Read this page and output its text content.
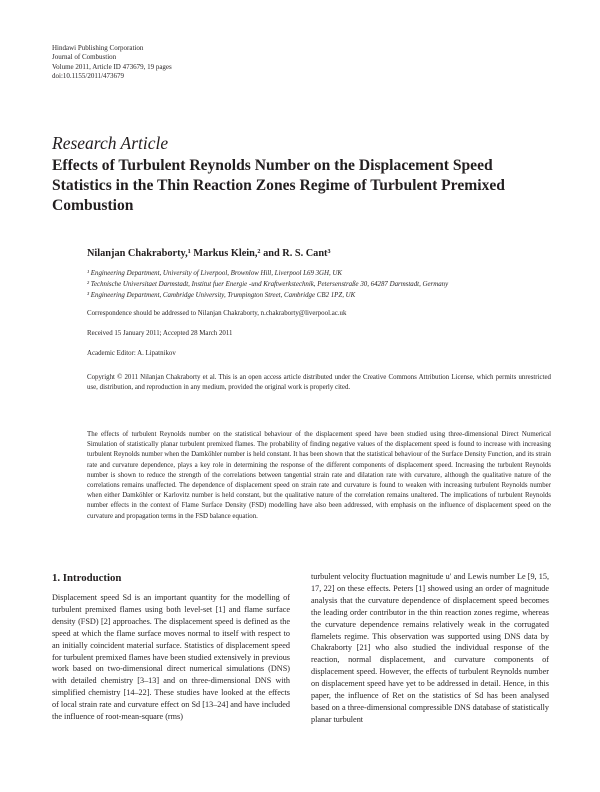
Hindawi Publishing Corporation
Journal of Combustion
Volume 2011, Article ID 473679, 19 pages
doi:10.1155/2011/473679
Research Article
Effects of Turbulent Reynolds Number on the Displacement Speed Statistics in the Thin Reaction Zones Regime of Turbulent Premixed Combustion
Nilanjan Chakraborty,¹ Markus Klein,² and R. S. Cant³
¹ Engineering Department, University of Liverpool, Brownlow Hill, Liverpool L69 3GH, UK
² Technische Universitaet Darmstadt, Institut fuer Energie -und Kraftwerkstechnik, Petersenstraße 30, 64287 Darmstadt, Germany
³ Engineering Department, Cambridge University, Trumpington Street, Cambridge CB2 1PZ, UK
Correspondence should be addressed to Nilanjan Chakraborty, n.chakraborty@liverpool.ac.uk
Received 15 January 2011; Accepted 28 March 2011
Academic Editor: A. Lipatnikov
Copyright © 2011 Nilanjan Chakraborty et al. This is an open access article distributed under the Creative Commons Attribution License, which permits unrestricted use, distribution, and reproduction in any medium, provided the original work is properly cited.
The effects of turbulent Reynolds number on the statistical behaviour of the displacement speed have been studied using three-dimensional Direct Numerical Simulation of statistically planar turbulent premixed flames. The probability of finding negative values of the displacement speed is found to increase with increasing turbulent Reynolds number when the Damköhler number is held constant. It has been shown that the statistical behaviour of the Surface Density Function, and its strain rate and curvature dependence, plays a key role in determining the response of the different components of displacement speed. Increasing the turbulent Reynolds number is shown to reduce the strength of the correlations between tangential strain rate and dilatation rate with curvature, although the qualitative nature of the correlations remains unaffected. The dependence of displacement speed on strain rate and curvature is found to weaken with increasing turbulent Reynolds number when either Damköhler or Karlovitz number is held constant, but the qualitative nature of the correlation remains unaltered. The implications of turbulent Reynolds number effects in the context of Flame Surface Density (FSD) modelling have also been addressed, with emphasis on the influence of displacement speed on the curvature and propagation terms in the FSD balance equation.
1. Introduction
Displacement speed Sd is an important quantity for the modelling of turbulent premixed flames using both level-set [1] and flame surface density (FSD) [2] approaches. The displacement speed is defined as the speed at which the flame surface moves normal to itself with respect to an initially coincident material surface. Statistics of displacement speed for turbulent premixed flames have been studied extensively in previous work based on two-dimensional direct numerical simulations (DNS) with detailed chemistry [3–13] and on three-dimensional DNS with simplified chemistry [14–22]. These studies have looked at the effects of local strain rate and curvature effect on Sd [13–24] and have included the influence of root-mean-square (rms)
turbulent velocity fluctuation magnitude u′ and Lewis number Le [9, 15, 17, 22] on these effects. Peters [1] showed using an order of magnitude analysis that the curvature dependence of displacement speed becomes the leading order contributor in the thin reaction zones regime, whereas the curvature dependence remains relatively weak in the corrugated flamelets regime. This observation was supported using DNS data by Chakraborty [21] who also studied the individual response of the reaction, normal displacement, and curvature components of displacement speed. However, the effects of turbulent Reynolds number on displacement speed have yet to be addressed in detail. Hence, in this paper, the influence of Ret on the statistics of Sd has been analysed based on a three-dimensional compressible DNS database of statistically planar turbulent
